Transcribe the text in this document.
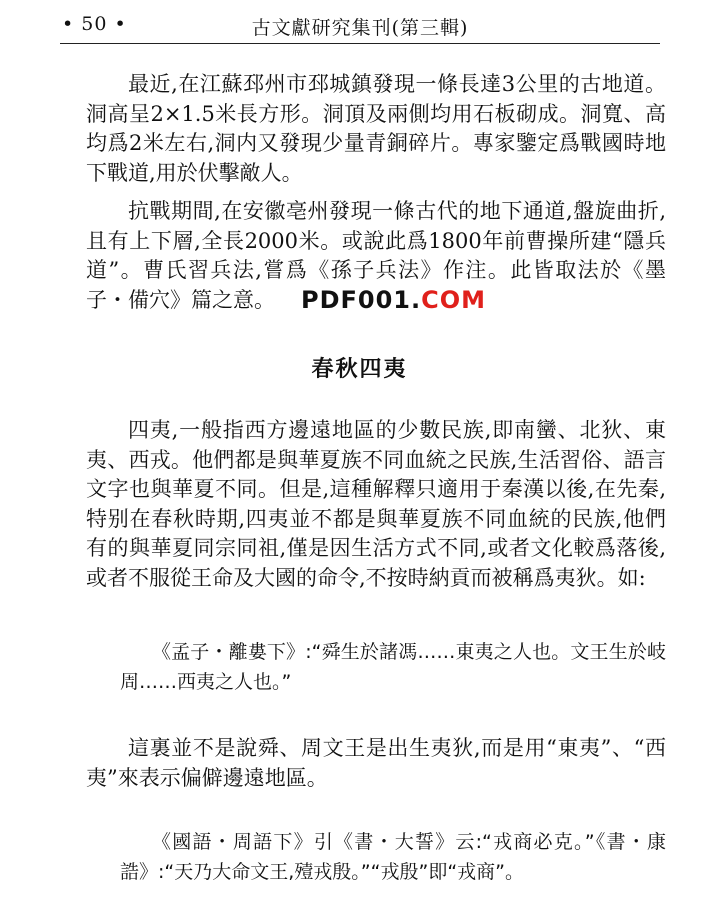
• 50 •	古文獻研究集刊(第三輯)

最近,在江蘇邳州市邳城鎮發現一條長達3公里的古地道。洞高呈2×1.5米長方形。洞頂及兩側均用石板砌成。洞寬、高均爲2米左右,洞内又發現少量青銅碎片。專家鑒定爲戰國時地下戰道,用於伏擊敵人。

抗戰期間,在安徽亳州發現一條古代的地下通道,盤旋曲折,且有上下層,全長2000米。或說此爲1800年前曹操所建“隱兵道”。曹氏習兵法,嘗爲《孫子兵法》作注。此皆取法於《墨子・備穴》篇之意。	PDF001.COM
春秋四夷

四夷,一般指西方邊遠地區的少數民族,即南蠻、北狄、東夷、西戎。他們都是與華夏族不同血統之民族,生活習俗、語言文字也與華夏不同。但是,這種解釋只適用于秦漢以後,在先秦,特别在春秋時期,四夷並不都是與華夏族不同血統的民族,他們有的與華夏同宗同祖,僅是因生活方式不同,或者文化較爲落後,或者不服從王命及大國的命令,不按時納貢而被稱爲夷狄。如:

《孟子・離婁下》:“舜生於諸馮……東夷之人也。文王生於岐周……西夷之人也。”

這裏並不是說舜、周文王是出生夷狄,而是用“東夷”、“西夷”來表示偏僻邊遠地區。

《國語・周語下》引《書・大誓》云:“戎商必克。”《書・康誥》:“天乃大命文王,殪戎殷。”“戎殷”即“戎商”。
